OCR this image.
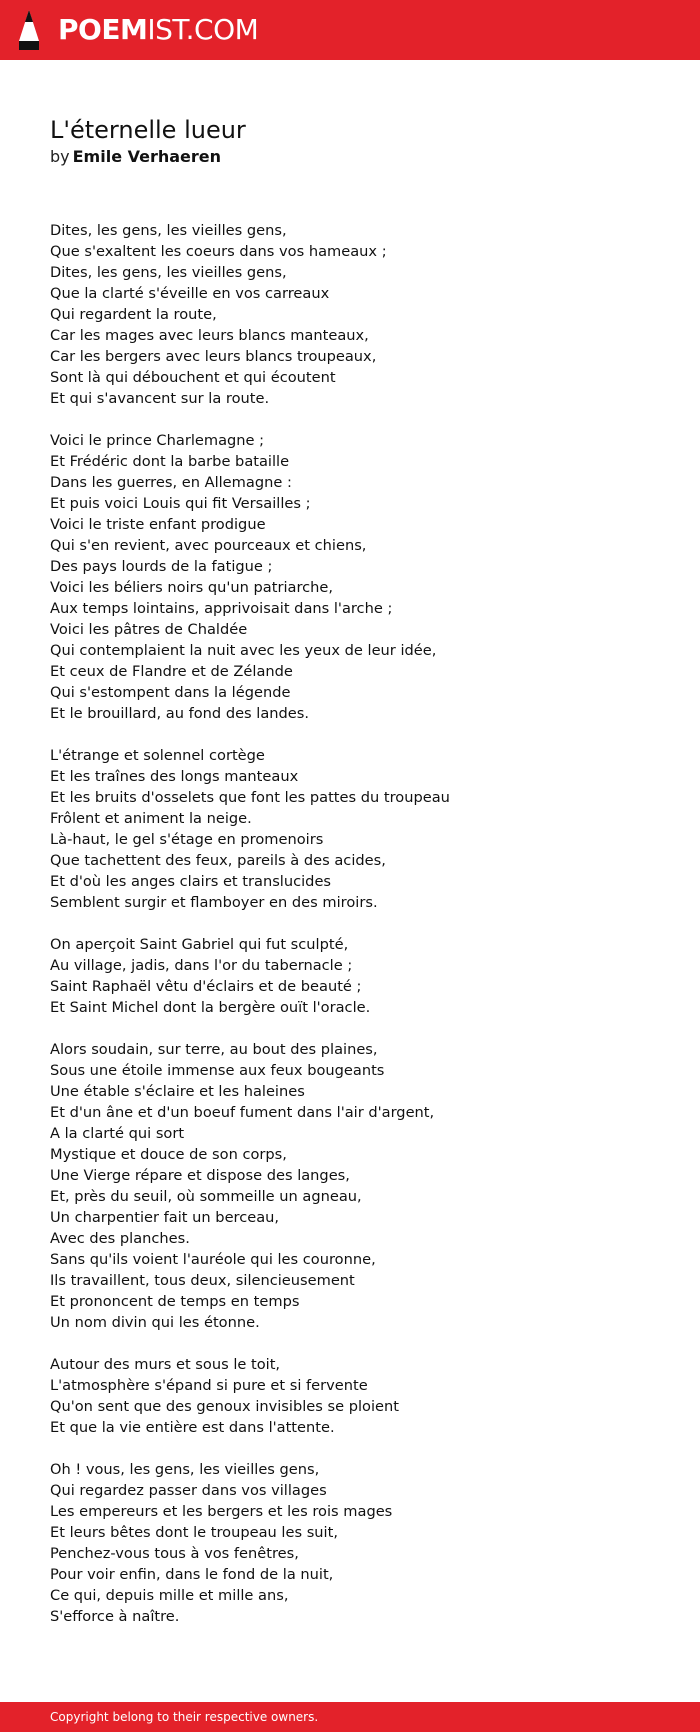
POEMIST.COM
L'éternelle lueur
by Emile Verhaeren
Dites, les gens, les vieilles gens,
Que s'exaltent les coeurs dans vos hameaux ;
Dites, les gens, les vieilles gens,
Que la clarté s'éveille en vos carreaux
Qui regardent la route,
Car les mages avec leurs blancs manteaux,
Car les bergers avec leurs blancs troupeaux,
Sont là qui débouchent et qui écoutent
Et qui s'avancent sur la route.
Voici le prince Charlemagne ;
Et Frédéric dont la barbe bataille
Dans les guerres, en Allemagne :
Et puis voici Louis qui fit Versailles ;
Voici le triste enfant prodigue
Qui s'en revient, avec pourceaux et chiens,
Des pays lourds de la fatigue ;
Voici les béliers noirs qu'un patriarche,
Aux temps lointains, apprivoisait dans l'arche ;
Voici les pâtres de Chaldée
Qui contemplaient la nuit avec les yeux de leur idée,
Et ceux de Flandre et de Zélande
Qui s'estompent dans la légende
Et le brouillard, au fond des landes.
L'étrange et solennel cortège
Et les traînes des longs manteaux
Et les bruits d'osselets que font les pattes du troupeau
Frôlent et animent la neige.
Là-haut, le gel s'étage en promenoirs
Que tachettent des feux, pareils à des acides,
Et d'où les anges clairs et translucides
Semblent surgir et flamboyer en des miroirs.
On aperçoit Saint Gabriel qui fut sculpté,
Au village, jadis, dans l'or du tabernacle ;
Saint Raphaël vêtu d'éclairs et de beauté ;
Et Saint Michel dont la bergère ouït l'oracle.
Alors soudain, sur terre, au bout des plaines,
Sous une étoile immense aux feux bougeants
Une étable s'éclaire et les haleines
Et d'un âne et d'un boeuf fument dans l'air d'argent,
A la clarté qui sort
Mystique et douce de son corps,
Une Vierge répare et dispose des langes,
Et, près du seuil, où sommeille un agneau,
Un charpentier fait un berceau,
Avec des planches.
Sans qu'ils voient l'auréole qui les couronne,
Ils travaillent, tous deux, silencieusement
Et prononcent de temps en temps
Un nom divin qui les étonne.
Autour des murs et sous le toit,
L'atmosphère s'épand si pure et si fervente
Qu'on sent que des genoux invisibles se ploient
Et que la vie entière est dans l'attente.
Oh ! vous, les gens, les vieilles gens,
Qui regardez passer dans vos villages
Les empereurs et les bergers et les rois mages
Et leurs bêtes dont le troupeau les suit,
Penchez-vous tous à vos fenêtres,
Pour voir enfin, dans le fond de la nuit,
Ce qui, depuis mille et mille ans,
S'efforce à naître.
Copyright belong to their respective owners.
